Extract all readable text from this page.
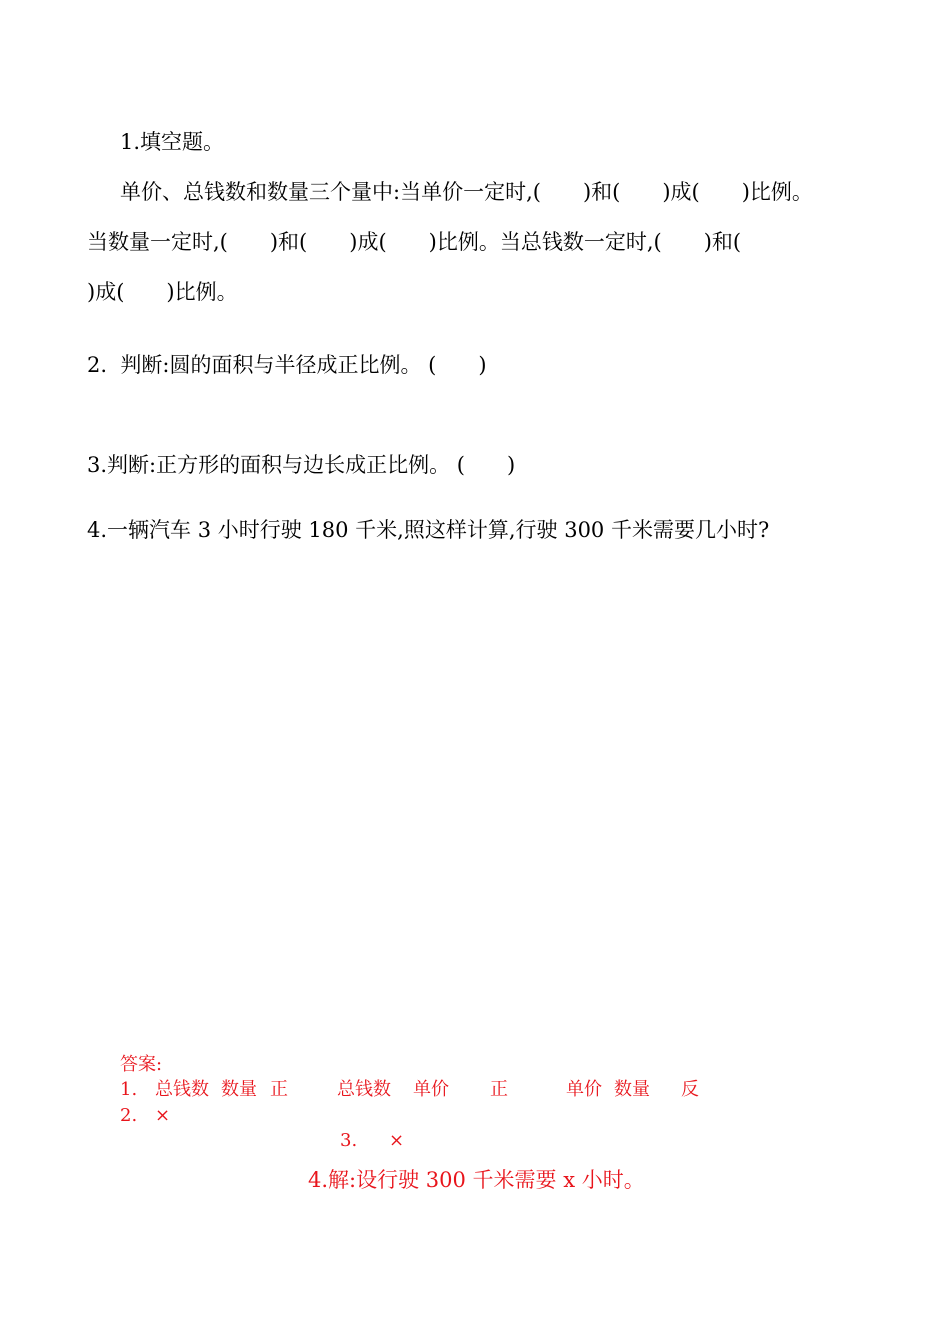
1.填空题。
单价、总钱数和数量三个量中:当单价一定时,(　　)和(　　)成(　　)比例。
当数量一定时,(　　)和(　　)成(　　)比例。当总钱数一定时,(　　)和(
)成(　　)比例。
2.  判断:圆的面积与半径成正比例。 (　　)
3.判断:正方形的面积与边长成正比例。 (　　)
4.一辆汽车 3 小时行驶 180 千米,照这样计算,行驶 300 千米需要几小时?
答案:
1. 总钱数 数量 正	总钱数 单价 正	单价 数量 反
2. ×
3. ×
4.解:设行驶 300 千米需要 x 小时。
